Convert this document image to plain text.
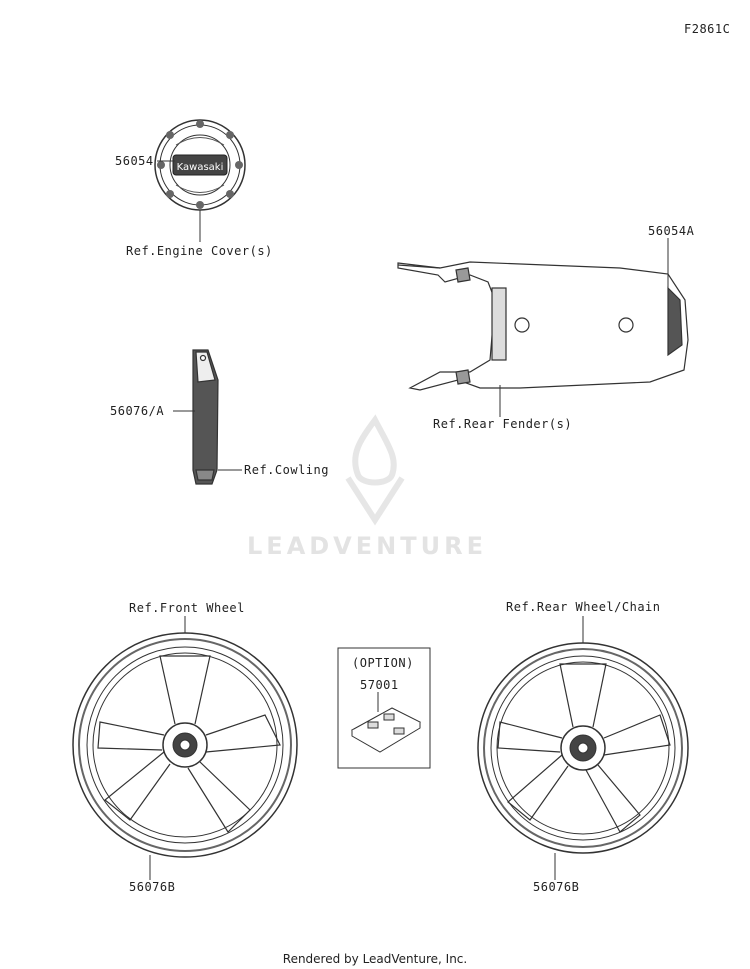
Kawasaki
LEADVENTURE
F2861C
56054
Ref.Engine Cover(s)
56054A
Ref.Rear Fender(s)
56076/A
Ref.Cowling
Ref.Front Wheel
56076B
Ref.Rear Wheel/Chain
56076B
(OPTION)
57001
Rendered by LeadVenture, Inc.
